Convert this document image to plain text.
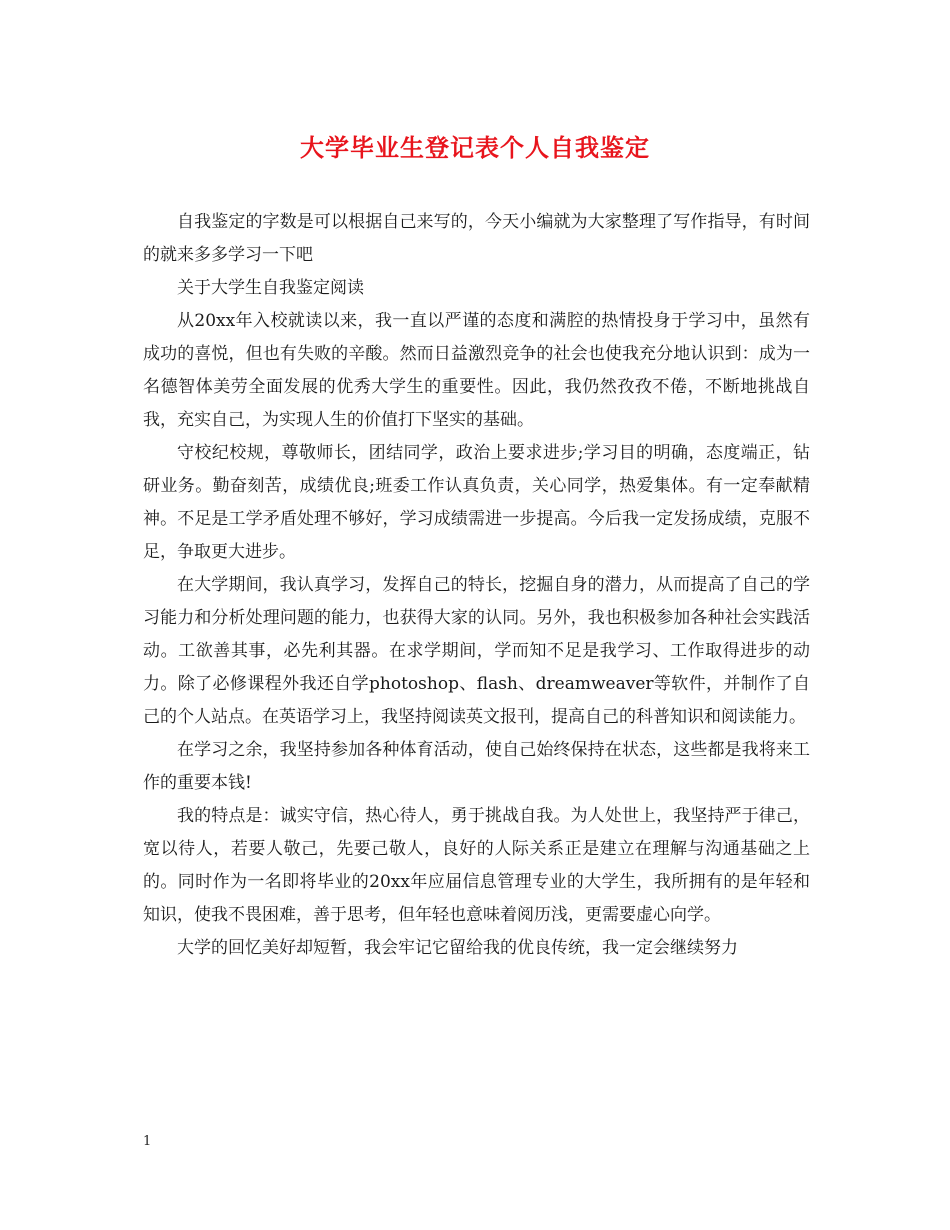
大学毕业生登记表个人自我鉴定

自我鉴定的字数是可以根据自己来写的，今天小编就为大家整理了写作指导，有时间的就来多多学习一下吧

关于大学生自我鉴定阅读

从20xx年入校就读以来，我一直以严谨的态度和满腔的热情投身于学习中，虽然有成功的喜悦，但也有失败的辛酸。然而日益激烈竞争的社会也使我充分地认识到：成为一名德智体美劳全面发展的优秀大学生的重要性。因此，我仍然孜孜不倦，不断地挑战自我，充实自己，为实现人生的价值打下坚实的基础。

守校纪校规，尊敬师长，团结同学，政治上要求进步;学习目的明确，态度端正，钻研业务。勤奋刻苦，成绩优良;班委工作认真负责，关心同学，热爱集体。有一定奉献精神。不足是工学矛盾处理不够好，学习成绩需进一步提高。今后我一定发扬成绩，克服不足，争取更大进步。

在大学期间，我认真学习，发挥自己的特长，挖掘自身的潜力，从而提高了自己的学习能力和分析处理问题的能力，也获得大家的认同。另外，我也积极参加各种社会实践活动。工欲善其事，必先利其器。在求学期间，学而知不足是我学习、工作取得进步的动力。除了必修课程外我还自学photoshop、flash、dreamweaver等软件，并制作了自己的个人站点。在英语学习上，我坚持阅读英文报刊，提高自己的科普知识和阅读能力。

在学习之余，我坚持参加各种体育活动，使自己始终保持在状态，这些都是我将来工作的重要本钱!

我的特点是：诚实守信，热心待人，勇于挑战自我。为人处世上，我坚持严于律己，宽以待人，若要人敬己，先要己敬人，良好的人际关系正是建立在理解与沟通基础之上的。同时作为一名即将毕业的20xx年应届信息管理专业的大学生，我所拥有的是年轻和知识，使我不畏困难，善于思考，但年轻也意味着阅历浅，更需要虚心向学。

大学的回忆美好却短暂，我会牢记它留给我的优良传统，我一定会继续努力

1
